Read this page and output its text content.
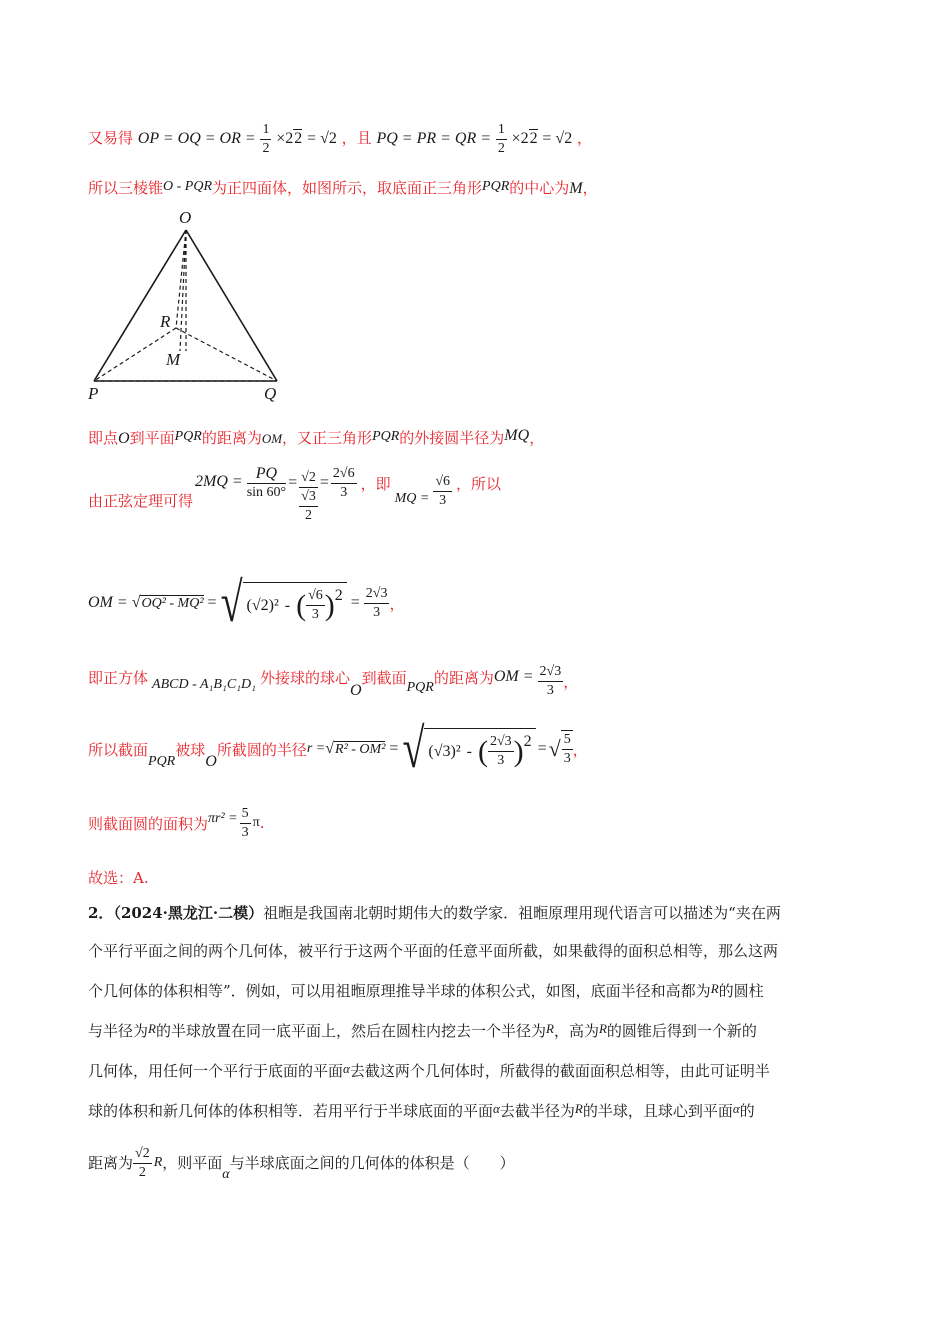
又易得 OP = OQ = OR = $\frac{1}{2} \times 22 = √2$ ，且 PQ = PR = QR = $\frac{1}{2} \times 22 = √2$ ，
所以三棱锥O - PQR为正四面体，如图所示，取底面正三角形PQR的中心为M，
O
R
M
P	Q
即点O到平面PQR的距离为OM，又正三角形PQR的外接圆半径为MQ，
由正弦定理可得
$2MQ = \frac{PQ}{\sin 60^\circ} = √2$
√3
2
= $\frac{2√6}{3}$ ，即
MQ = $\frac{√6}{3}$ ，所以
OM = √ OQ² - MQ² = √ (√2)² - ( $\frac{√6}{3}$ ) $2 = \frac{2√3}{3}$ ，
即正方体 ABCD - A₁B₁C₁D₁ 外接球的球心
O
到截面
PQR
的距离为 OM = $\frac{2√3}{3}$ ，
所以截面
PQR
被球
O
所截圆的半径 r = √ R² - OM² = √ (√3)² - ( $\frac{2√3}{3}$ ) 2 = √ $\frac{5}{3}$ ，
则截面圆的面积为 $\pi r^2 = \frac{5}{3}$ π .
故选：A.
2．（2024·黑龙江·二模）祖暅是我国南北朝时期伟大的数学家．祖暅原理用现代语言可以描述为“夹在两
个平行平面之间的两个几何体，被平行于这两个平面的任意平面所截，如果截得的面积总相等，那么这两
个几何体的体积相等”．例如，可以用祖暅原理推导半球的体积公式，如图，底面半径和高都为R的圆柱
与半径为R的半球放置在同一底平面上，然后在圆柱内挖去一个半径为R，高为R的圆锥后得到一个新的
几何体，用任何一个平行于底面的平面α去截这两个几何体时，所截得的截面面积总相等，由此可证明半
球的体积和新几何体的体积相等．若用平行于半球底面的平面α去截半径为R的半球，且球心到平面α的
距离为 $\frac{√2}{2}$ R ，则平面
α
与半球底面之间的几何体的体积是（　　）
